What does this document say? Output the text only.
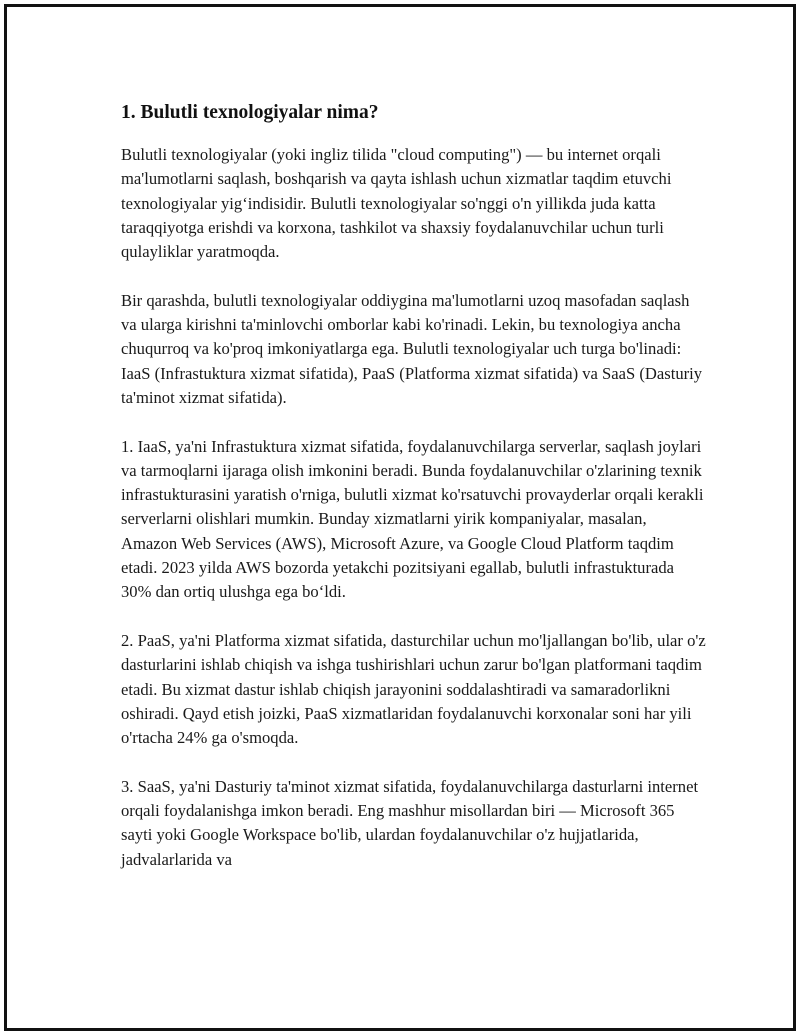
1. Bulutli texnologiyalar nima?

Bulutli texnologiyalar (yoki ingliz tilida "cloud computing") — bu internet orqali ma'lumotlarni saqlash, boshqarish va qayta ishlash uchun xizmatlar taqdim etuvchi texnologiyalar yig‘indisidir. Bulutli texnologiyalar so'nggi o'n yillikda juda katta taraqqiyotga erishdi va korxona, tashkilot va shaxsiy foydalanuvchilar uchun turli qulayliklar yaratmoqda.

Bir qarashda, bulutli texnologiyalar oddiygina ma'lumotlarni uzoq masofadan saqlash va ularga kirishni ta'minlovchi omborlar kabi ko'rinadi. Lekin, bu texnologiya ancha chuqurroq va ko'proq imkoniyatlarga ega. Bulutli texnologiyalar uch turga bo'linadi: IaaS (Infrastuktura xizmat sifatida), PaaS (Platforma xizmat sifatida) va SaaS (Dasturiy ta'minot xizmat sifatida).

1. IaaS, ya'ni Infrastuktura xizmat sifatida, foydalanuvchilarga serverlar, saqlash joylari va tarmoqlarni ijaraga olish imkonini beradi. Bunda foydalanuvchilar o'zlarining texnik infrastukturasini yaratish o'rniga, bulutli xizmat ko'rsatuvchi provayderlar orqali kerakli serverlarni olishlari mumkin. Bunday xizmatlarni yirik kompaniyalar, masalan, Amazon Web Services (AWS), Microsoft Azure, va Google Cloud Platform taqdim etadi. 2023 yilda AWS bozorda yetakchi pozitsiyani egallab, bulutli infrastukturada 30% dan ortiq ulushga ega bo‘ldi.

2. PaaS, ya'ni Platforma xizmat sifatida, dasturchilar uchun mo'ljallangan bo'lib, ular o'z dasturlarini ishlab chiqish va ishga tushirishlari uchun zarur bo'lgan platformani taqdim etadi. Bu xizmat dastur ishlab chiqish jarayonini soddalashtiradi va samaradorlikni oshiradi. Qayd etish joizki, PaaS xizmatlaridan foydalanuvchi korxonalar soni har yili o'rtacha 24% ga o'smoqda.

3. SaaS, ya'ni Dasturiy ta'minot xizmat sifatida, foydalanuvchilarga dasturlarni internet orqali foydalanishga imkon beradi. Eng mashhur misollardan biri — Microsoft 365 sayti yoki Google Workspace bo'lib, ulardan foydalanuvchilar o'z hujjatlarida, jadvalarlarida va
